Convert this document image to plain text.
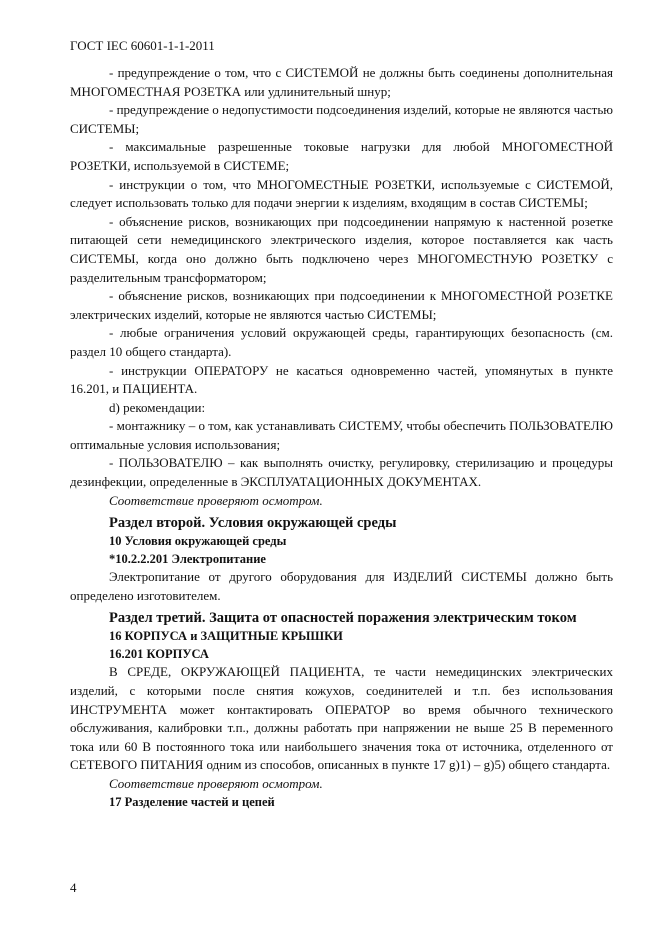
ГОСТ IEC 60601-1-1-2011

- предупреждение о том, что с СИСТЕМОЙ не должны быть соединены дополнительная МНОГОМЕСТНАЯ РОЗЕТКА или удлинительный шнур;

- предупреждение о недопустимости подсоединения изделий, которые не являются частью СИСТЕМЫ;

- максимальные разрешенные токовые нагрузки для любой МНОГОМЕСТНОЙ РОЗЕТКИ, используемой в СИСТЕМЕ;

- инструкции о том, что МНОГОМЕСТНЫЕ РОЗЕТКИ, используемые с СИСТЕМОЙ, следует использовать только для подачи энергии к изделиям, входящим в состав СИСТЕМЫ;

- объяснение рисков, возникающих при подсоединении напрямую к настенной розетке питающей сети немедицинского электрического изделия, которое поставляется как часть СИСТЕМЫ, когда оно должно быть подключено через МНОГОМЕСТНУЮ РОЗЕТКУ с разделительным трансформатором;

- объяснение рисков, возникающих при подсоединении к МНОГОМЕСТНОЙ РОЗЕТКЕ электрических изделий, которые не являются частью СИСТЕМЫ;

- любые ограничения условий окружающей среды, гарантирующих безопасность (см. раздел 10 общего стандарта).

- инструкции ОПЕРАТОРУ не касаться одновременно частей, упомянутых в пункте 16.201, и ПАЦИЕНТА.

d) рекомендации:

- монтажнику – о том, как устанавливать СИСТЕМУ, чтобы обеспечить ПОЛЬЗОВАТЕЛЮ оптимальные условия использования;

- ПОЛЬЗОВАТЕЛЮ – как выполнять очистку, регулировку, стерилизацию и процедуры дезинфекции, определенные в ЭКСПЛУАТАЦИОННЫХ ДОКУМЕНТАХ.

Соответствие проверяют осмотром.

Раздел второй. Условия окружающей среды

10 Условия окружающей среды

*10.2.2.201 Электропитание

Электропитание от другого оборудования для ИЗДЕЛИЙ СИСТЕМЫ должно быть определено изготовителем.

Раздел третий. Защита от опасностей поражения электрическим током

16 КОРПУСА и ЗАЩИТНЫЕ КРЫШКИ

16.201 КОРПУСА

В СРЕДЕ, ОКРУЖАЮЩЕЙ ПАЦИЕНТА, те части немедицинских электрических изделий, с которыми после снятия кожухов, соединителей и т.п. без использования ИНСТРУМЕНТА может контактировать ОПЕРАТОР во время обычного технического обслуживания, калибровки т.п., должны работать при напряжении не выше 25 В переменного тока или 60 В постоянного тока или наибольшего значения тока от источника, отделенного от СЕТЕВОГО ПИТАНИЯ одним из способов, описанных в пункте 17 g)1) – g)5) общего стандарта.

Соответствие проверяют осмотром.

17 Разделение частей и цепей

4
